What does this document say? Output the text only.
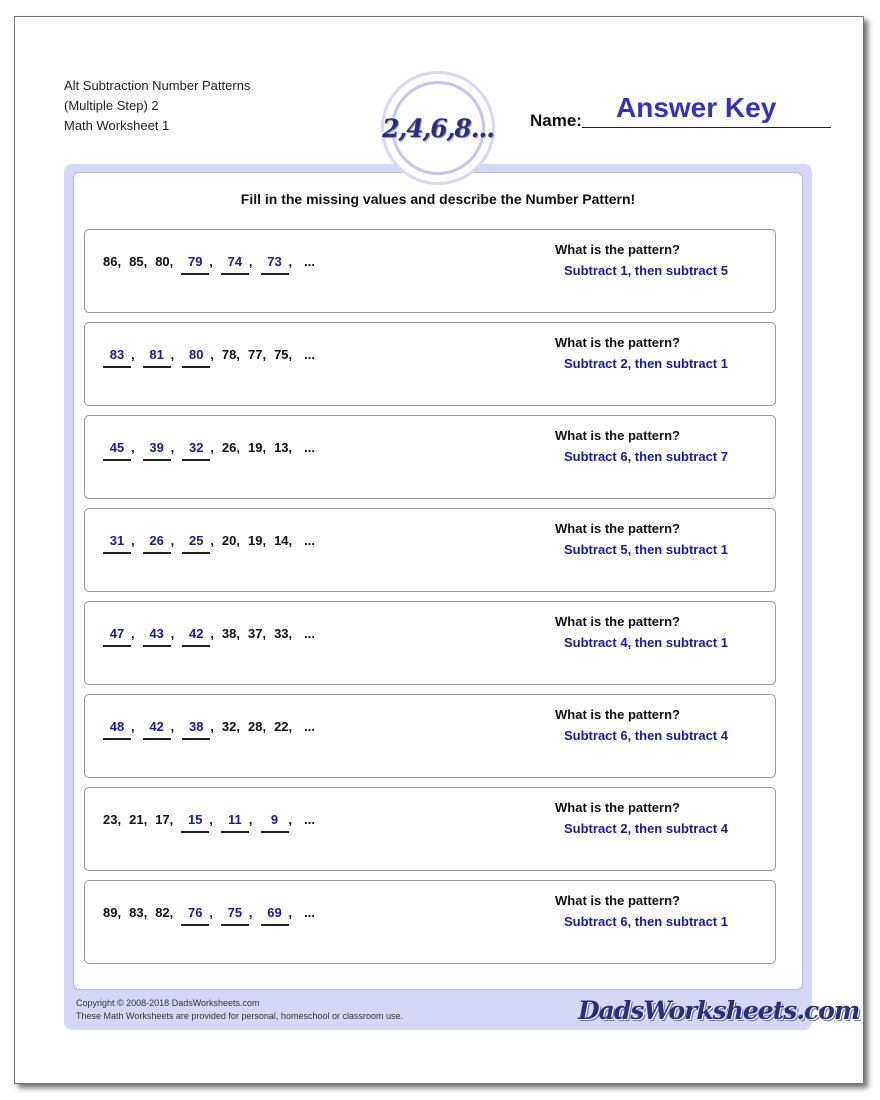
Alt Subtraction Number Patterns
(Multiple Step) 2
Math Worksheet 1	2,4,6,8... Name: Answer Key
Fill in the missing values and describe the Number Pattern!
86 , 85 , 80 ,	79 ,	74 ,	73 , ...
What is the pattern?
Subtract 1, then subtract 5
83 ,	81 ,	80 , 78 , 77 , 75 , ...
What is the pattern?
Subtract 2, then subtract 1
45 ,	39 ,	32 , 26 , 19 , 13 , ...
What is the pattern?
Subtract 6, then subtract 7
31 ,	26 ,	25 , 20 , 19 , 14 , ...
What is the pattern?
Subtract 5, then subtract 1
47 ,	43 ,	42 , 38 , 37 , 33 , ...
What is the pattern?
Subtract 4, then subtract 1
48 ,	42 ,	38 , 32 , 28 , 22 , ...
What is the pattern?
Subtract 6, then subtract 4
23 , 21 , 17 ,	15 ,	11 ,	9 , ...
What is the pattern?
Subtract 2, then subtract 4
89 , 83 , 82 ,	76 ,	75 ,	69 , ...
What is the pattern?
Subtract 6, then subtract 1
Copyright © 2008-2018 DadsWorksheets.com
These Math Worksheets are provided for personal, homeschool or classroom use.	DadsWorksheets.com
